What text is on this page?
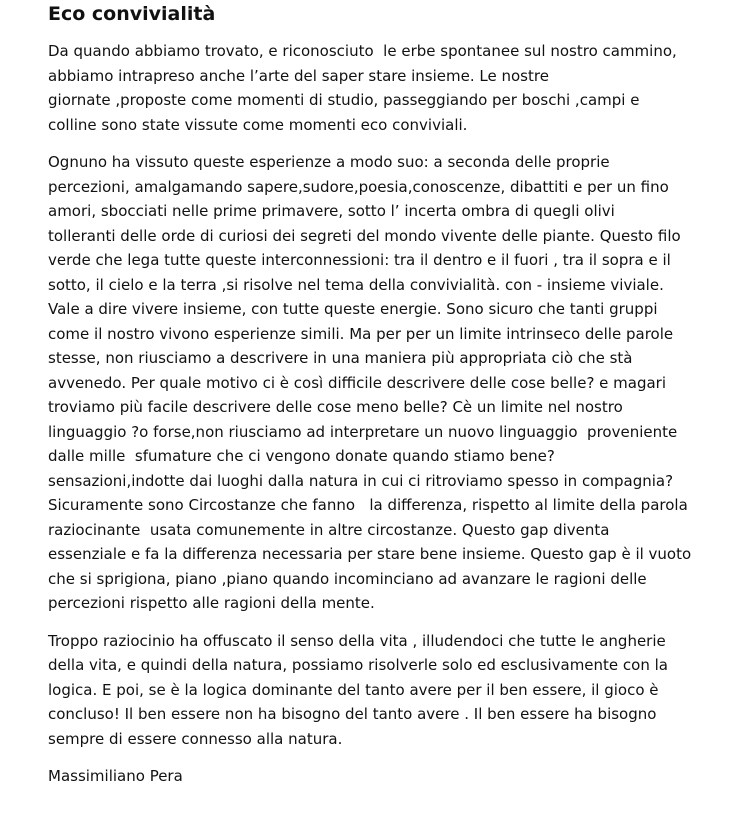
Eco convivialità

Da quando abbiamo trovato, e riconosciuto  le erbe spontanee sul nostro cammino,
abbiamo intrapreso anche l’arte del saper stare insieme. Le nostre
giornate ,proposte come momenti di studio, passeggiando per boschi ,campi e
colline sono state vissute come momenti eco conviviali.

Ognuno ha vissuto queste esperienze a modo suo: a seconda delle proprie
percezioni, amalgamando sapere,sudore,poesia,conoscenze, dibattiti e per un fino
amori, sbocciati nelle prime primavere, sotto l’ incerta ombra di quegli olivi
tolleranti delle orde di curiosi dei segreti del mondo vivente delle piante. Questo filo
verde che lega tutte queste interconnessioni: tra il dentro e il fuori , tra il sopra e il
sotto, il cielo e la terra ,si risolve nel tema della convivialità. con - insieme viviale.
Vale a dire vivere insieme, con tutte queste energie. Sono sicuro che tanti gruppi
come il nostro vivono esperienze simili. Ma per per un limite intrinseco delle parole
stesse, non riusciamo a descrivere in una maniera più appropriata ciò che stà
avvenedo. Per quale motivo ci è così difficile descrivere delle cose belle? e magari
troviamo più facile descrivere delle cose meno belle? Cè un limite nel nostro
linguaggio ?o forse,non riusciamo ad interpretare un nuovo linguaggio  proveniente
dalle mille  sfumature che ci vengono donate quando stiamo bene?
sensazioni,indotte dai luoghi dalla natura in cui ci ritroviamo spesso in compagnia?
Sicuramente sono Circostanze che fanno   la differenza, rispetto al limite della parola
raziocinante  usata comunemente in altre circostanze. Questo gap diventa
essenziale e fa la differenza necessaria per stare bene insieme. Questo gap è il vuoto
che si sprigiona, piano ,piano quando incominciano ad avanzare le ragioni delle
percezioni rispetto alle ragioni della mente.

Troppo raziocinio ha offuscato il senso della vita , illudendoci che tutte le angherie
della vita, e quindi della natura, possiamo risolverle solo ed esclusivamente con la
logica. E poi, se è la logica dominante del tanto avere per il ben essere, il gioco è
concluso! Il ben essere non ha bisogno del tanto avere . Il ben essere ha bisogno
sempre di essere connesso alla natura.

Massimiliano Pera
